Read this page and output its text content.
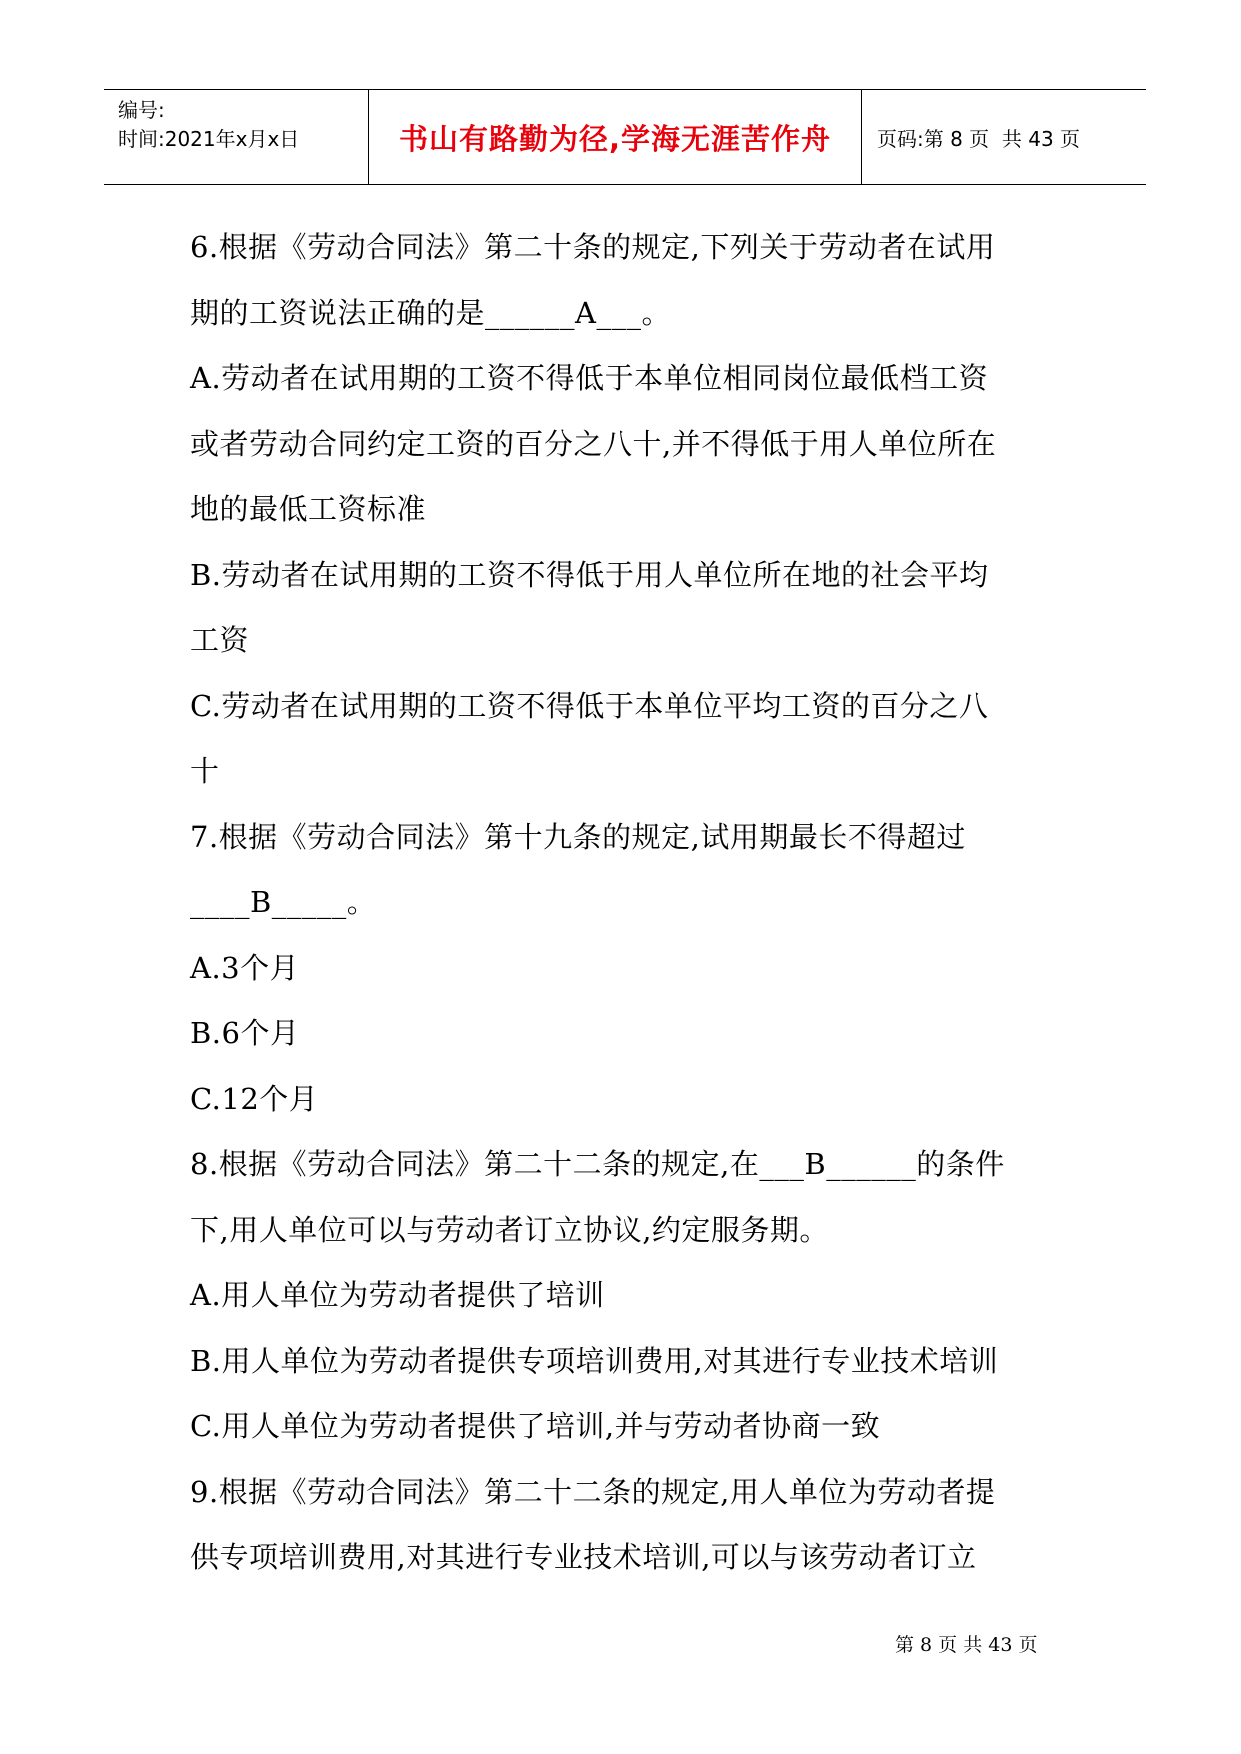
编号:
时间:2021年x月x日	书山有路勤为径,学海无涯苦作舟	页码:第 8 页  共 43 页
6.根据《劳动合同法》第二十条的规定,下列关于劳动者在试用
期的工资说法正确的是______A___。
A.劳动者在试用期的工资不得低于本单位相同岗位最低档工资
或者劳动合同约定工资的百分之八十,并不得低于用人单位所在
地的最低工资标准
B.劳动者在试用期的工资不得低于用人单位所在地的社会平均
工资
C.劳动者在试用期的工资不得低于本单位平均工资的百分之八
十
7.根据《劳动合同法》第十九条的规定,试用期最长不得超过
____B_____。
A.3个月
B.6个月
C.12个月
8.根据《劳动合同法》第二十二条的规定,在___B______的条件
下,用人单位可以与劳动者订立协议,约定服务期。
A.用人单位为劳动者提供了培训
B.用人单位为劳动者提供专项培训费用,对其进行专业技术培训
C.用人单位为劳动者提供了培训,并与劳动者协商一致
9.根据《劳动合同法》第二十二条的规定,用人单位为劳动者提
供专项培训费用,对其进行专业技术培训,可以与该劳动者订立
第 8 页 共 43 页
